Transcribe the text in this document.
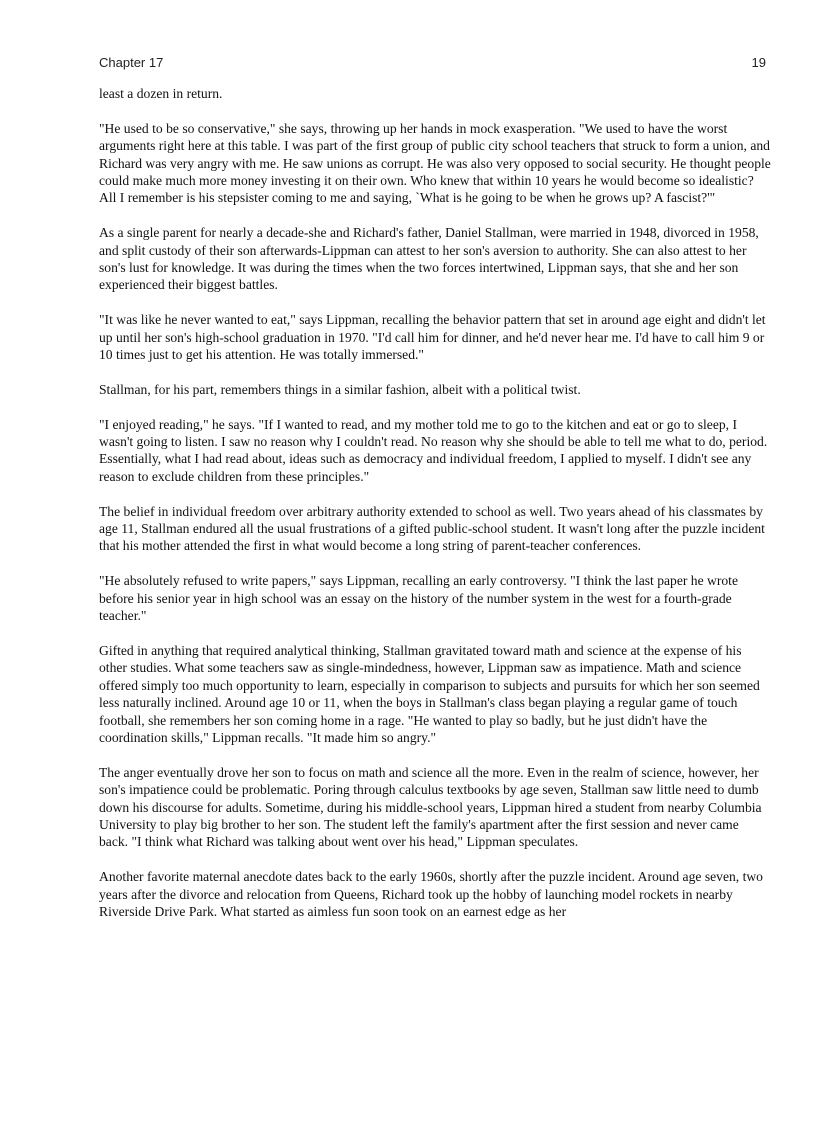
Chapter 17	19

least a dozen in return.

"He used to be so conservative," she says, throwing up her hands in mock exasperation. "We used to have the worst arguments right here at this table. I was part of the first group of public city school teachers that struck to form a union, and Richard was very angry with me. He saw unions as corrupt. He was also very opposed to social security. He thought people could make much more money investing it on their own. Who knew that within 10 years he would become so idealistic? All I remember is his stepsister coming to me and saying, `What is he going to be when he grows up? A fascist?'"

As a single parent for nearly a decade-she and Richard's father, Daniel Stallman, were married in 1948, divorced in 1958, and split custody of their son afterwards-Lippman can attest to her son's aversion to authority. She can also attest to her son's lust for knowledge. It was during the times when the two forces intertwined, Lippman says, that she and her son experienced their biggest battles.

"It was like he never wanted to eat," says Lippman, recalling the behavior pattern that set in around age eight and didn't let up until her son's high-school graduation in 1970. "I'd call him for dinner, and he'd never hear me. I'd have to call him 9 or 10 times just to get his attention. He was totally immersed."

Stallman, for his part, remembers things in a similar fashion, albeit with a political twist.

"I enjoyed reading," he says. "If I wanted to read, and my mother told me to go to the kitchen and eat or go to sleep, I wasn't going to listen. I saw no reason why I couldn't read. No reason why she should be able to tell me what to do, period. Essentially, what I had read about, ideas such as democracy and individual freedom, I applied to myself. I didn't see any reason to exclude children from these principles."

The belief in individual freedom over arbitrary authority extended to school as well. Two years ahead of his classmates by age 11, Stallman endured all the usual frustrations of a gifted public-school student. It wasn't long after the puzzle incident that his mother attended the first in what would become a long string of parent-teacher conferences.

"He absolutely refused to write papers," says Lippman, recalling an early controversy. "I think the last paper he wrote before his senior year in high school was an essay on the history of the number system in the west for a fourth-grade teacher."

Gifted in anything that required analytical thinking, Stallman gravitated toward math and science at the expense of his other studies. What some teachers saw as single-mindedness, however, Lippman saw as impatience. Math and science offered simply too much opportunity to learn, especially in comparison to subjects and pursuits for which her son seemed less naturally inclined. Around age 10 or 11, when the boys in Stallman's class began playing a regular game of touch football, she remembers her son coming home in a rage. "He wanted to play so badly, but he just didn't have the coordination skills," Lippman recalls. "It made him so angry."

The anger eventually drove her son to focus on math and science all the more. Even in the realm of science, however, her son's impatience could be problematic. Poring through calculus textbooks by age seven, Stallman saw little need to dumb down his discourse for adults. Sometime, during his middle-school years, Lippman hired a student from nearby Columbia University to play big brother to her son. The student left the family's apartment after the first session and never came back. "I think what Richard was talking about went over his head," Lippman speculates.

Another favorite maternal anecdote dates back to the early 1960s, shortly after the puzzle incident. Around age seven, two years after the divorce and relocation from Queens, Richard took up the hobby of launching model rockets in nearby Riverside Drive Park. What started as aimless fun soon took on an earnest edge as her
